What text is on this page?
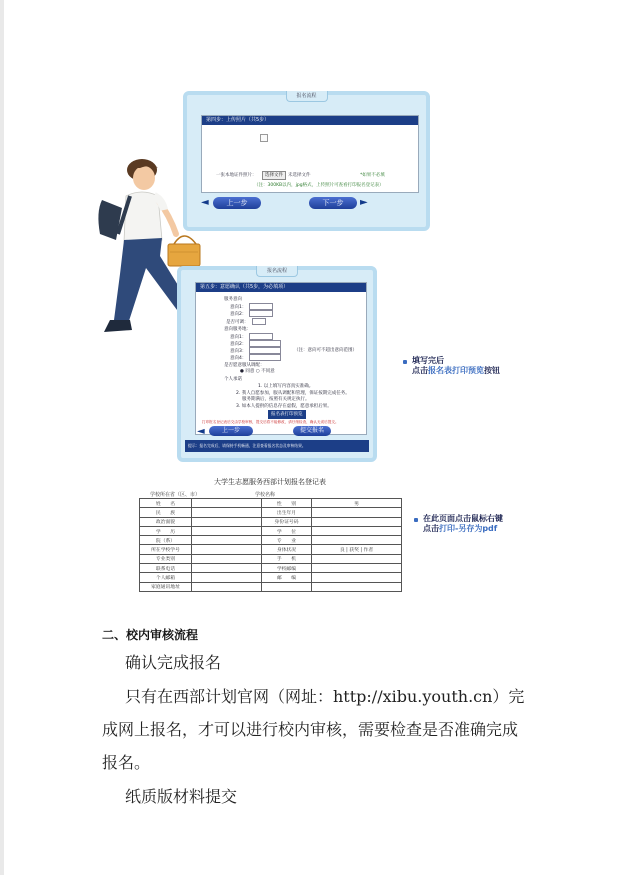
报名流程
第四步：上传照片（共5步）
一张本地证件照片：	选择文件	未选择文件	*如果不必填
（注：300KB以内，jpg格式，上传照片可查看打印报名登记表）
◄	上一步	下一步	►
报名流程
第五步：意愿确认（共5步，为必填项）
服务意向
意向1：
意向2：
是否可调：
意向服务地：
意向1：
意向2：
意向3：	（注：意向可不超出意向范围）
意向4：
是否愿意服从调配：
● 同意 ○ 不同意
个人承诺
1. 以上填写内容真实准确。
2. 我人自愿参加，服从调配和管理，保证按期完成任务。
服务期满后，按照有关规定执行。
3. 如本人提供的信息存在虚假，愿意承担后果。
报名表打印预览
打印报名登记表后交由学校审核，提交后将不能修改，请仔细检查，确认无误后提交。
◄	上一步	提交报名
提示：报名完成后，请保持手机畅通，注意查看报名状态及审核结果。
填写完后
点击报名表打印预览按钮
大学生志愿服务西部计划报名登记表
学校所在省（区、市）	学校名称
姓　　名		性　　别	男
民　　族		出生年月	
政治面貌		身份证号码	
学　　历		学　　位	
院（系）		专　　业	
所在学校学号		身体状况	良 | 获奖 | 作者
专业类别		手　　机	
联系电话		学校邮编	
个人邮箱		邮　　编	
家庭通讯地址			
在此页面点击鼠标右键
点击打印-另存为pdf
二、校内审核流程
确认完成报名
只有在西部计划官网（网址：http://xibu.youth.cn）完
成网上报名，才可以进行校内审核，需要检查是否准确完成
报名。
纸质版材料提交
